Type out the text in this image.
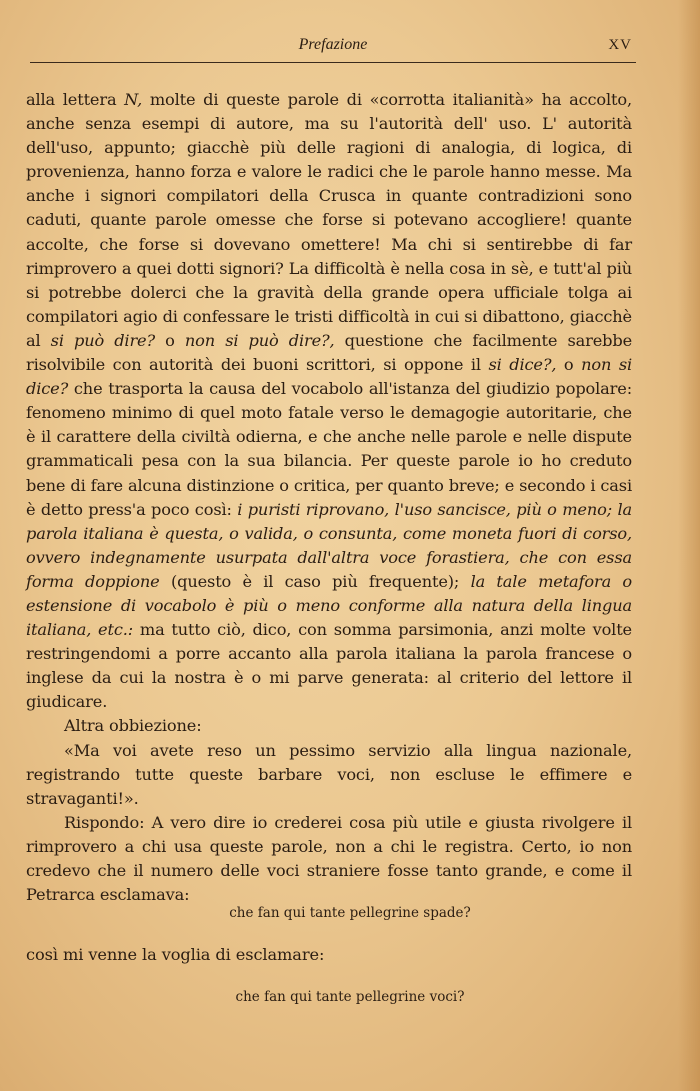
Prefazione	XV

alla lettera N, molte di queste parole di «corrotta italianità» ha accolto, anche senza esempi di autore, ma su l'autorità dell' uso. L' autorità dell'uso, appunto; giacchè più delle ragioni di analogia, di logica, di provenienza, hanno forza e valore le radici che le parole hanno messe. Ma anche i signori compilatori della Crusca in quante contradizioni sono caduti, quante parole omesse che forse si potevano accogliere! quante accolte, che forse si dovevano omettere! Ma chi si sentirebbe di far rimprovero a quei dotti signori? La difficoltà è nella cosa in sè, e tutt'al più si potrebbe dolerci che la gravità della grande opera ufficiale tolga ai compilatori agio di confessare le tristi difficoltà in cui si dibattono, giacchè al si può dire? o non si può dire?, questione che facilmente sarebbe risolvibile con autorità dei buoni scrittori, si oppone il si dice?, o non si dice? che trasporta la causa del vocabolo all'istanza del giudizio popolare: fenomeno minimo di quel moto fatale verso le demagogie autoritarie, che è il carattere della civiltà odierna, e che anche nelle parole e nelle dispute grammaticali pesa con la sua bilancia. Per queste parole io ho creduto bene di fare alcuna distinzione o critica, per quanto breve; e secondo i casi è detto press'a poco così: i puristi riprovano, l'uso sancisce, più o meno; la parola italiana è questa, o valida, o consunta, come moneta fuori di corso, ovvero indegnamente usurpata dall'altra voce forastiera, che con essa forma doppione (questo è il caso più frequente); la tale metafora o estensione di vocabolo è più o meno conforme alla natura della lingua italiana, etc.: ma tutto ciò, dico, con somma parsimonia, anzi molte volte restringendomi a porre accanto alla parola italiana la parola francese o inglese da cui la nostra è o mi parve generata: al criterio del lettore il giudicare.

Altra obbiezione:

«Ma voi avete reso un pessimo servizio alla lingua nazionale, registrando tutte queste barbare voci, non escluse le effimere e stravaganti!».

Rispondo: A vero dire io crederei cosa più utile e giusta rivolgere il rimprovero a chi usa queste parole, non a chi le registra. Certo, io non credevo che il numero delle voci straniere fosse tanto grande, e come il Petrarca esclamava:

che fan qui tante pellegrine spade?
così mi venne la voglia di esclamare:
che fan qui tante pellegrine voci?
